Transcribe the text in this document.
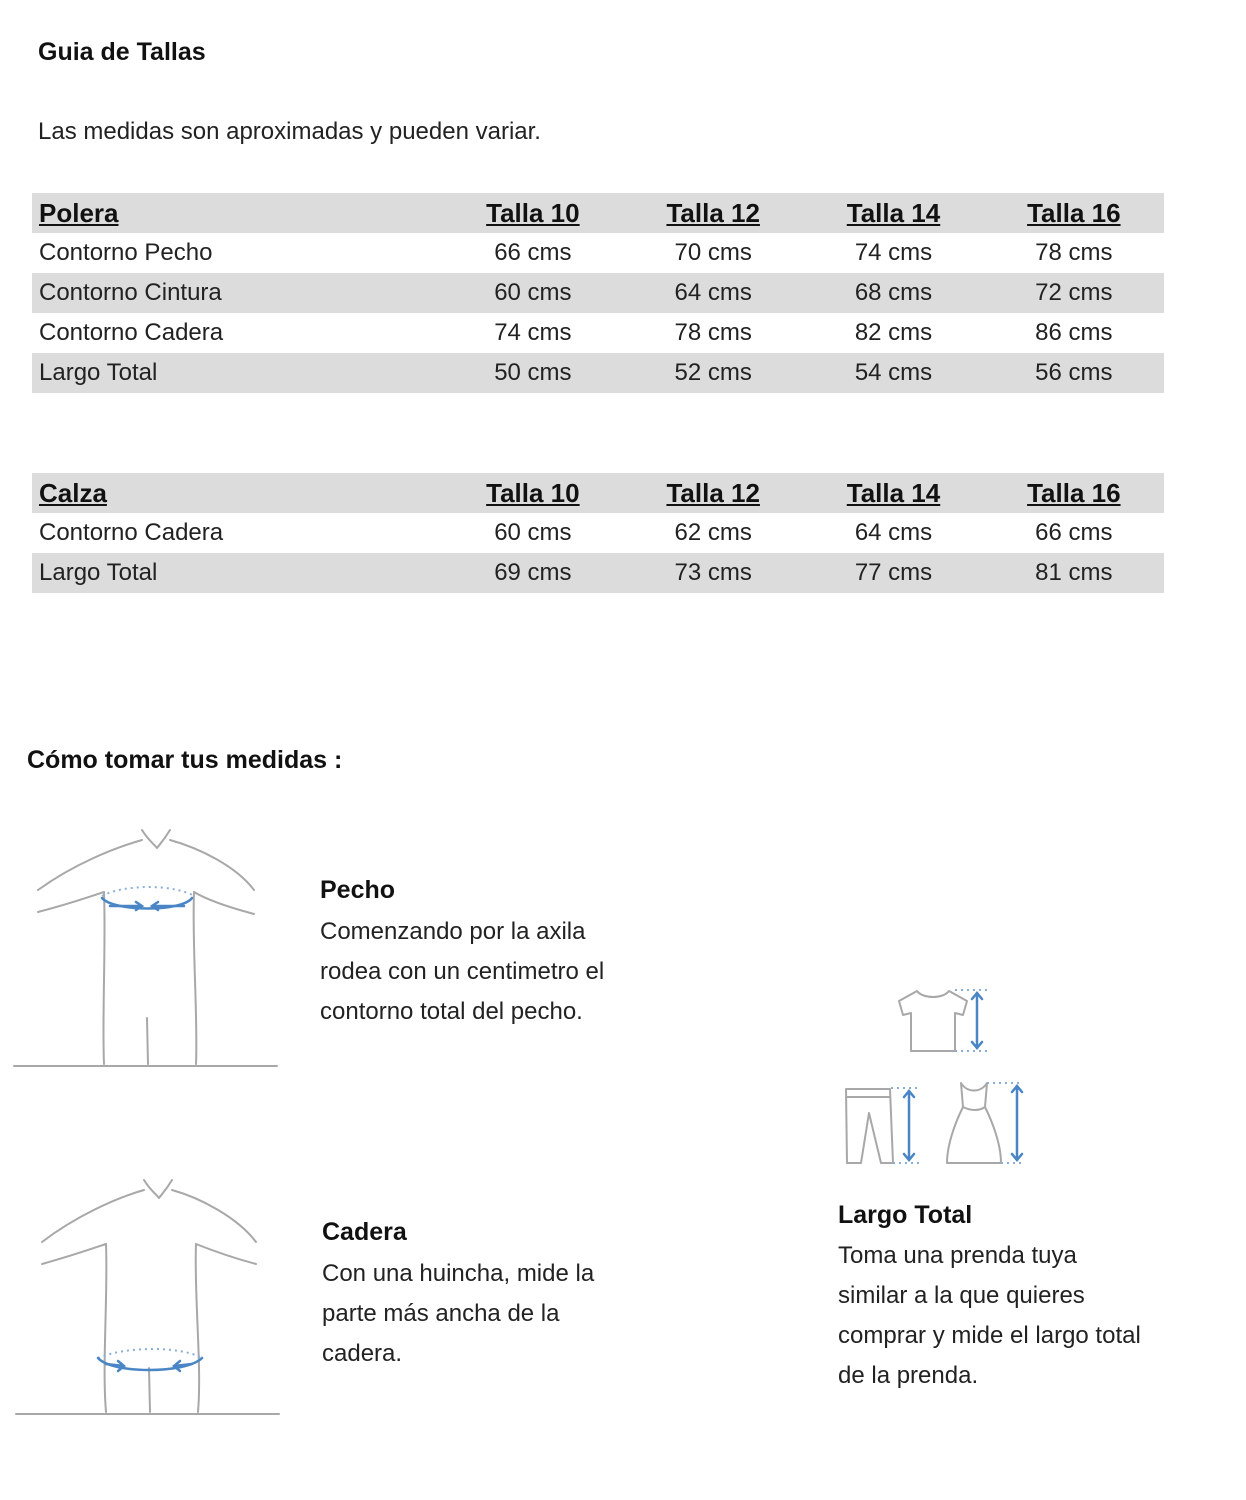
Guia de Tallas
Las medidas son aproximadas y pueden variar.
Polera	Talla 10	Talla 12	Talla 14	Talla 16
Contorno Pecho	66 cms	70 cms	74 cms	78 cms
Contorno Cintura	60 cms	64 cms	68 cms	72 cms
Contorno Cadera	74 cms	78 cms	82 cms	86 cms
Largo Total	50 cms	52 cms	54 cms	56 cms
Calza	Talla 10	Talla 12	Talla 14	Talla 16
Contorno Cadera	60 cms	62 cms	64 cms	66 cms
Largo Total	69 cms	73 cms	77 cms	81 cms
Cómo tomar tus medidas :
Pecho
Comenzando por la axila
rodea con un centimetro el
contorno total del pecho.
Cadera
Con una huincha, mide la
parte más ancha de la
cadera.
Largo Total
Toma una prenda tuya
similar a la que quieres
comprar y mide el largo total
de la prenda.
